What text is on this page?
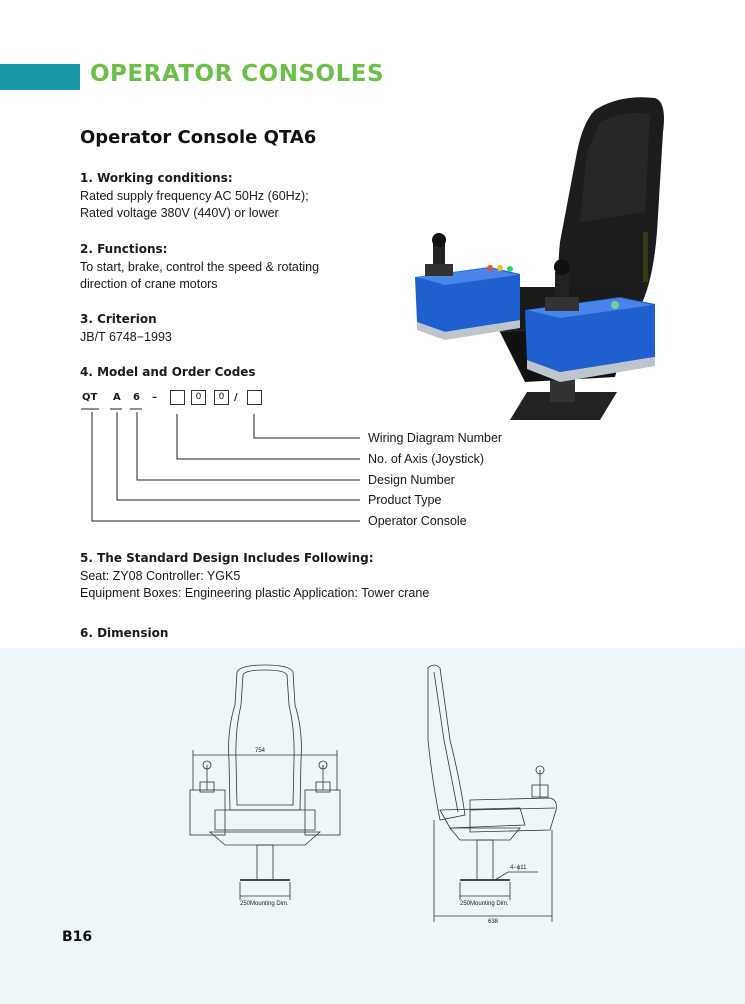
OPERATOR CONSOLES
Operator Console QTA6
1. Working conditions:

Rated supply frequency AC 50Hz (60Hz);

Rated voltage 380V (440V) or lower

2. Functions:

To start, brake, control the speed & rotating

direction of crane motors

3. Criterion

JB/T 6748−1993

4. Model and Order Codes
QT A 6 –	0	0 /
Wiring Diagram Number
No. of Axis (Joystick)
Design Number
Product Type
Operator Console
5. The Standard Design Includes Following:

Seat: ZY08 Controller: YGK5

Equipment Boxes: Engineering plastic Application: Tower crane

6. Dimension
754
250Mounting Dim.
4−ϕ11
250Mounting Dim.
638
B16
